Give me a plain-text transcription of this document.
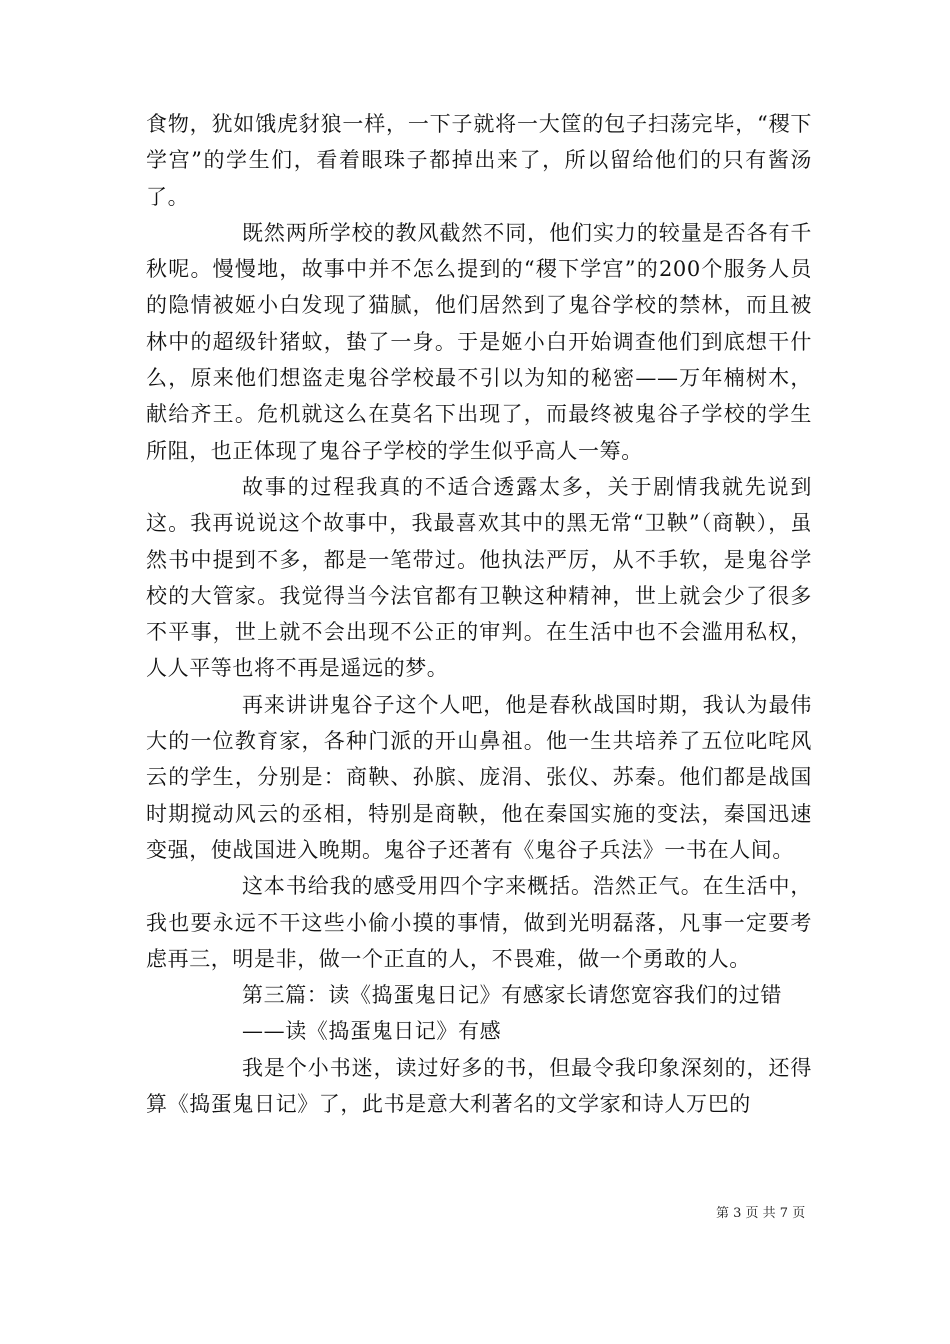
食物，犹如饿虎豺狼一样，一下子就将一大筐的包子扫荡完毕，“稷下学宫”的学生们，看着眼珠子都掉出来了，所以留给他们的只有酱汤了。

既然两所学校的教风截然不同，他们实力的较量是否各有千秋呢。慢慢地，故事中并不怎么提到的“稷下学宫”的200个服务人员的隐情被姬小白发现了猫腻，他们居然到了鬼谷学校的禁林，而且被林中的超级针猪蚊，蛰了一身。于是姬小白开始调查他们到底想干什么，原来他们想盗走鬼谷学校最不引以为知的秘密——万年楠树木，献给齐王。危机就这么在莫名下出现了，而最终被鬼谷子学校的学生所阻，也正体现了鬼谷子学校的学生似乎高人一筹。

故事的过程我真的不适合透露太多，关于剧情我就先说到这。我再说说这个故事中，我最喜欢其中的黑无常“卫鞅”（商鞅），虽然书中提到不多，都是一笔带过。他执法严厉，从不手软，是鬼谷学校的大管家。我觉得当今法官都有卫鞅这种精神，世上就会少了很多不平事，世上就不会出现不公正的审判。在生活中也不会滥用私权，人人平等也将不再是遥远的梦。

再来讲讲鬼谷子这个人吧，他是春秋战国时期，我认为最伟大的一位教育家，各种门派的开山鼻祖。他一生共培养了五位叱咤风云的学生，分别是：商鞅、孙膑、庞涓、张仪、苏秦。他们都是战国时期搅动风云的丞相，特别是商鞅，他在秦国实施的变法，秦国迅速变强，使战国进入晚期。鬼谷子还著有《鬼谷子兵法》一书在人间。

这本书给我的感受用四个字来概括。浩然正气。在生活中，我也要永远不干这些小偷小摸的事情，做到光明磊落，凡事一定要考虑再三，明是非，做一个正直的人，不畏难，做一个勇敢的人。

第三篇：读《捣蛋鬼日记》有感家长请您宽容我们的过错

——读《捣蛋鬼日记》有感

我是个小书迷，读过好多的书，但最令我印象深刻的，还得算《捣蛋鬼日记》了，此书是意大利著名的文学家和诗人万巴的

第 3 页 共 7 页
